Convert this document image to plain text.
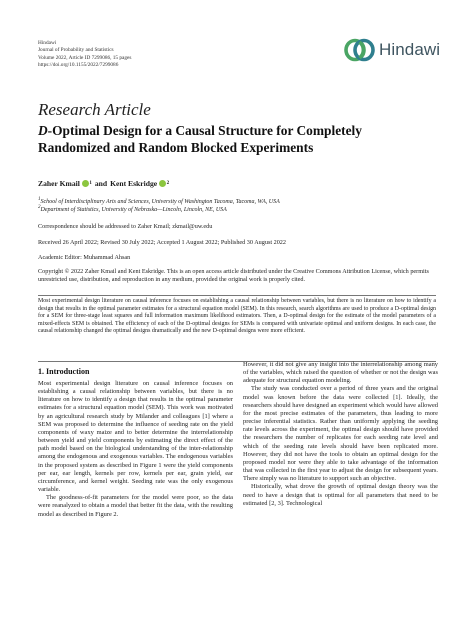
Hindawi
Journal of Probability and Statistics
Volume 2022, Article ID 7299086, 15 pages
https://doi.org/10.1155/2022/7299086
Hindawi
Research Article
D-Optimal Design for a Causal Structure for Completely
Randomized and Random Blocked Experiments
Zaher Kmail 1 and Kent Eskridge 2
$^1$School of Interdisciplinary Arts and Sciences, University of Washington Tacoma, Tacoma, WA, USA
$^2$Department of Statistics, University of Nebraska—Lincoln, Lincoln, NE, USA
Correspondence should be addressed to Zaher Kmail; zkmail@uw.edu
Received 26 April 2022; Revised 30 July 2022; Accepted 1 August 2022; Published 30 August 2022
Academic Editor: Muhammad Ahsan
Copyright © 2022 Zaher Kmail and Kent Eskridge. This is an open access article distributed under the Creative Commons Attribution License, which permits unrestricted use, distribution, and reproduction in any medium, provided the original work is properly cited.
Most experimental design literature on causal inference focuses on establishing a causal relationship between variables, but there is no literature on how to identify a design that results in the optimal parameter estimates for a structural equation model (SEM). In this research, search algorithms are used to produce a D-optimal design for a SEM for three-stage least squares and full information maximum likelihood estimators. Then, a D-optimal design for the estimate of the model parameters of a mixed-effects SEM is obtained. The efficiency of each of the D-optimal designs for SEMs is compared with univariate optimal and uniform designs. In each case, the causal relationship changed the optimal designs dramatically and the new D-optimal designs were more efficient.
1. Introduction

Most experimental design literature on causal inference focuses on establishing a causal relationship between variables, but there is no literature on how to identify a design that results in the optimal parameter estimates for a structural equation model (SEM). This work was motivated by an agricultural research study by Milander and colleagues [1] where a SEM was proposed to determine the influence of seeding rate on the yield components of waxy maize and to better determine the interrelationship between yield and yield components by estimating the direct effect of the path model based on the biological understanding of the inter-relationship among the endogenous and exogenous variables. The endogenous variables in the proposed system as described in Figure 1 were the yield components per ear, ear length, kernels per row, kernels per ear, grain yield, ear circumference, and kernel weight. Seeding rate was the only exogenous variable.

The goodness-of-fit parameters for the model were poor, so the data were reanalyzed to obtain a model that better fit the data, with the resulting model as described in Figure 2.

However, it did not give any insight into the interrelationship among many of the variables, which raised the question of whether or not the design was adequate for structural equation modeling.

The study was conducted over a period of three years and the original model was known before the data were collected [1]. Ideally, the researchers should have designed an experiment which would have allowed for the most precise estimates of the parameters, thus leading to more precise inferential statistics. Rather than uniformly applying the seeding rate levels across the experiment, the optimal design should have provided the researchers the number of replicates for each seeding rate level and which of the seeding rate levels should have been replicated more. However, they did not have the tools to obtain an optimal design for the proposed model nor were they able to take advantage of the information that was collected in the first year to adjust the design for subsequent years. There simply was no literature to support such an objective.

Historically, what drove the growth of optimal design theory was the need to have a design that is optimal for all parameters that need to be estimated [2, 3]. Technological
